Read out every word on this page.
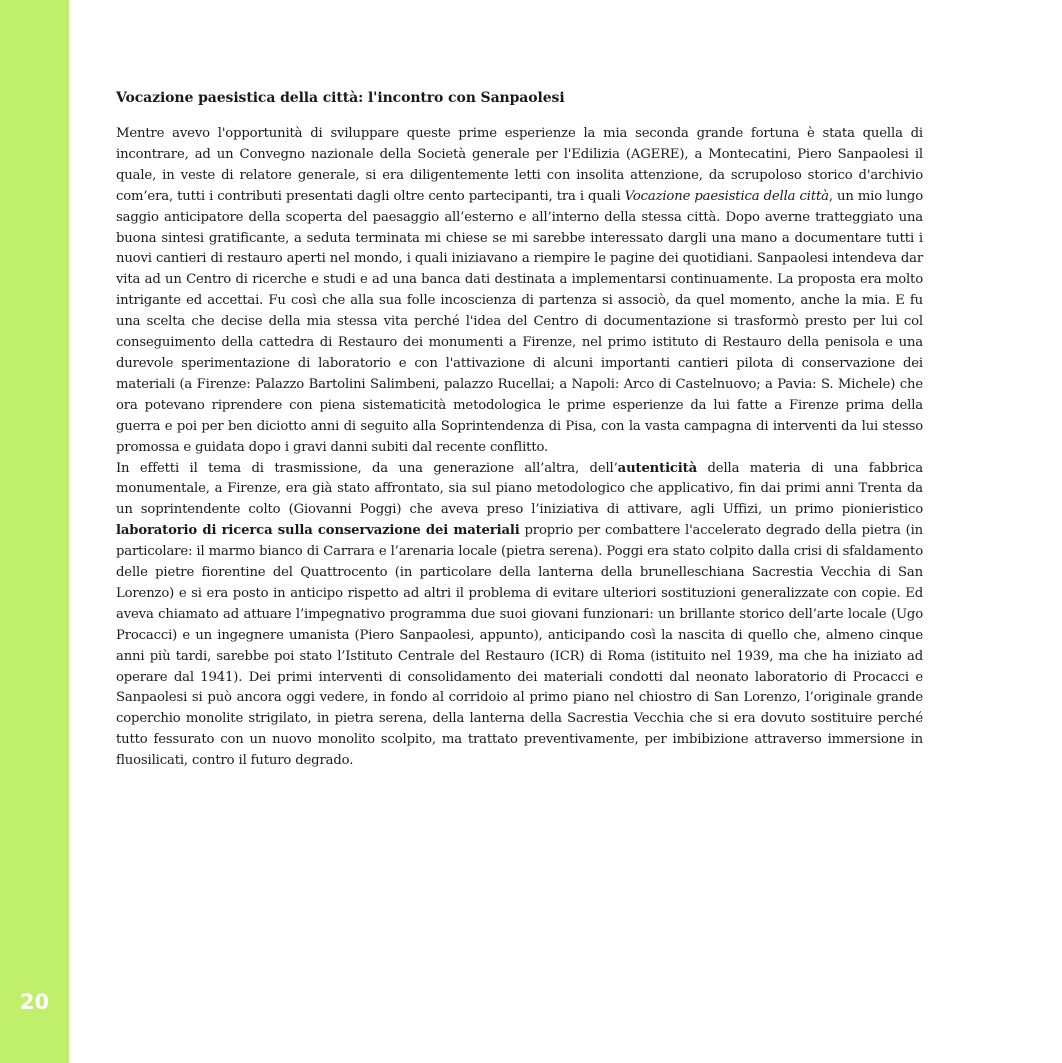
20
Vocazione paesistica della città: l'incontro con Sanpaolesi

Mentre avevo l'opportunità di sviluppare queste prime esperienze la mia seconda grande fortuna è stata quella di incontrare, ad un Convegno nazionale della Società generale per l'Edilizia (AGERE), a Montecatini, Piero Sanpaolesi il quale, in veste di relatore generale, si era diligentemente letti con insolita attenzione, da scrupoloso storico d'archivio com’era, tutti i contributi presentati dagli oltre cento partecipanti, tra i quali Vocazione paesistica della città, un mio lungo saggio anticipatore della scoperta del paesaggio all’esterno e all’interno della stessa città. Dopo averne tratteggiato una buona sintesi gratificante, a seduta terminata mi chiese se mi sarebbe interessato dargli una mano a documentare tutti i nuovi cantieri di restauro aperti nel mondo, i quali iniziavano a riempire le pagine dei quotidiani. Sanpaolesi intendeva dar vita ad un Centro di ricerche e studi e ad una banca dati destinata a implementarsi continuamente. La proposta era molto intrigante ed accettai. Fu così che alla sua folle incoscienza di partenza si associò, da quel momento, anche la mia. E fu una scelta che decise della mia stessa vita perché l'idea del Centro di documentazione si trasformò presto per lui col conseguimento della cattedra di Restauro dei monumenti a Firenze, nel primo istituto di Restauro della penisola e una durevole sperimentazione di laboratorio e con l'attivazione di alcuni importanti cantieri pilota di conservazione dei materiali (a Firenze: Palazzo Bartolini Salimbeni, palazzo Rucellai; a Napoli: Arco di Castelnuovo; a Pavia: S. Michele) che ora potevano riprendere con piena sistematicità metodologica le prime esperienze da lui fatte a Firenze prima della guerra e poi per ben diciotto anni di seguito alla Soprintendenza di Pisa, con la vasta campagna di interventi da lui stesso promossa e guidata dopo i gravi danni subiti dal recente conflitto.

In effetti il tema di trasmissione, da una generazione all’altra, dell’autenticità della materia di una fabbrica monumentale, a Firenze, era già stato affrontato, sia sul piano metodologico che applicativo, fin dai primi anni Trenta da un soprintendente colto (Giovanni Poggi) che aveva preso l’iniziativa di attivare, agli Uffizi, un primo pionieristico laboratorio di ricerca sulla conservazione dei materiali proprio per combattere l'accelerato degrado della pietra (in particolare: il marmo bianco di Carrara e l’arenaria locale (pietra serena). Poggi era stato colpito dalla crisi di sfaldamento delle pietre fiorentine del Quattrocento (in particolare della lanterna della brunelleschiana Sacrestia Vecchia di San Lorenzo) e si era posto in anticipo rispetto ad altri il problema di evitare ulteriori sostituzioni generalizzate con copie. Ed aveva chiamato ad attuare l’impegnativo programma due suoi giovani funzionari: un brillante storico dell’arte locale (Ugo Procacci) e un ingegnere umanista (Piero Sanpaolesi, appunto), anticipando così la nascita di quello che, almeno cinque anni più tardi, sarebbe poi stato l’Istituto Centrale del Restauro (ICR) di Roma (istituito nel 1939, ma che ha iniziato ad operare dal 1941). Dei primi interventi di consolidamento dei materiali condotti dal neonato laboratorio di Procacci e Sanpaolesi si può ancora oggi vedere, in fondo al corridoio al primo piano nel chiostro di San Lorenzo, l’originale grande coperchio monolite strigilato, in pietra serena, della lanterna della Sacrestia Vecchia che si era dovuto sostituire perché tutto fessurato con un nuovo monolito scolpito, ma trattato preventivamente, per imbibizione attraverso immersione in fluosilicati, contro il futuro degrado.
